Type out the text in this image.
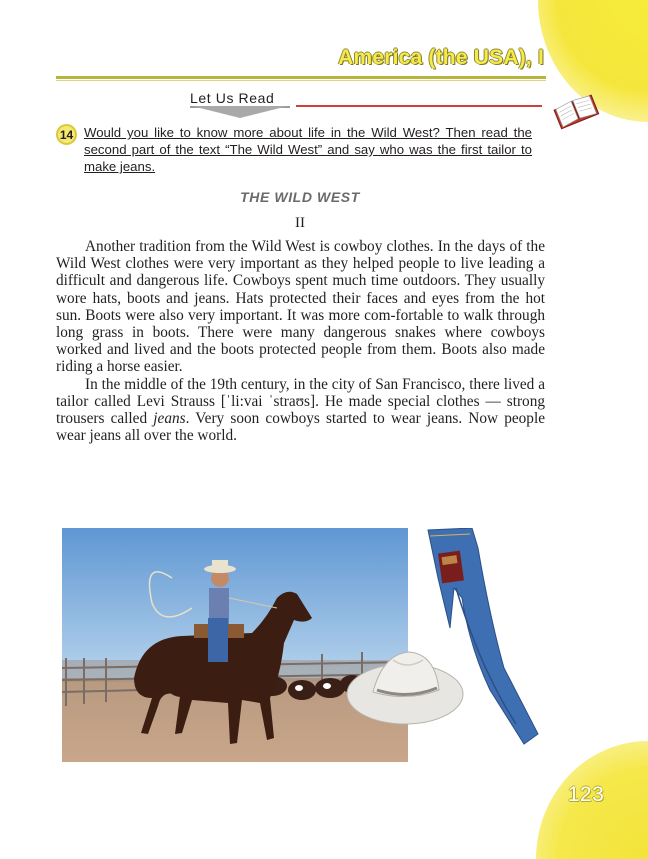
America (the USA), I
Let Us Read
14 Would you like to know more about life in the Wild West? Then read the second part of the text “The Wild West” and say who was the first tailor to make jeans.

THE WILD WEST
II

Another tradition from the Wild West is cowboy clothes. In the days of the Wild West clothes were very important as they helped people to live leading a difficult and dangerous life. Cowboys spent much time outdoors. They usually wore hats, boots and jeans. Hats protected their faces and eyes from the hot sun. Boots were also very important. It was more com-fortable to walk through long grass in boots. There were many dangerous snakes where cowboys worked and lived and the boots protected people from them. Boots also made riding a horse easier.

In the middle of the 19th century, in the city of San Francisco, there lived a tailor called Levi Strauss [ˈli:vai ˈstraʊs]. He made special clothes — strong trousers called jeans. Very soon cowboys started to wear jeans. Now people wear jeans all over the world.

123
